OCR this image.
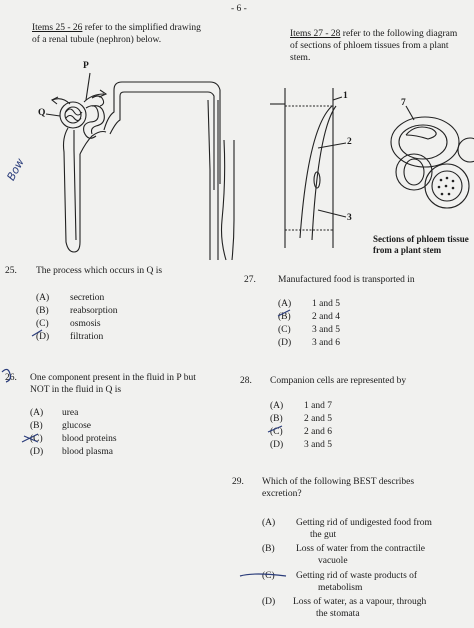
- 6 -
Items 25 - 26 refer to the simplified drawing
of a renal tubule (nephron) below.
Items 27 - 28 refer to the following diagram
of sections of phloem tissues from a plant
stem.
P
Q
Bow
1
2
3
7
Sections of phloem tissue
from a plant stem
25. The process which occurs in Q is
(A) secretion
(B) reabsorption
(C) osmosis
(D) filtration
26. One component present in the fluid in P but
NOT in the fluid in Q is
(A) urea
(B) glucose
(C) blood proteins
(D) blood plasma
27. Manufactured food is transported in
(A) 1 and 5
(B) 2 and 4
(C) 3 and 5
(D) 3 and 6
28. Companion cells are represented by
(A) 1 and 7
(B) 2 and 5
(C) 2 and 6
(D) 3 and 5
29. Which of the following BEST describes
excretion?
(A) Getting rid of undigested food from
the gut
(B) Loss of water from the contractile
vacuole
(C) Getting rid of waste products of
metabolism
(D) Loss of water, as a vapour, through
the stomata
